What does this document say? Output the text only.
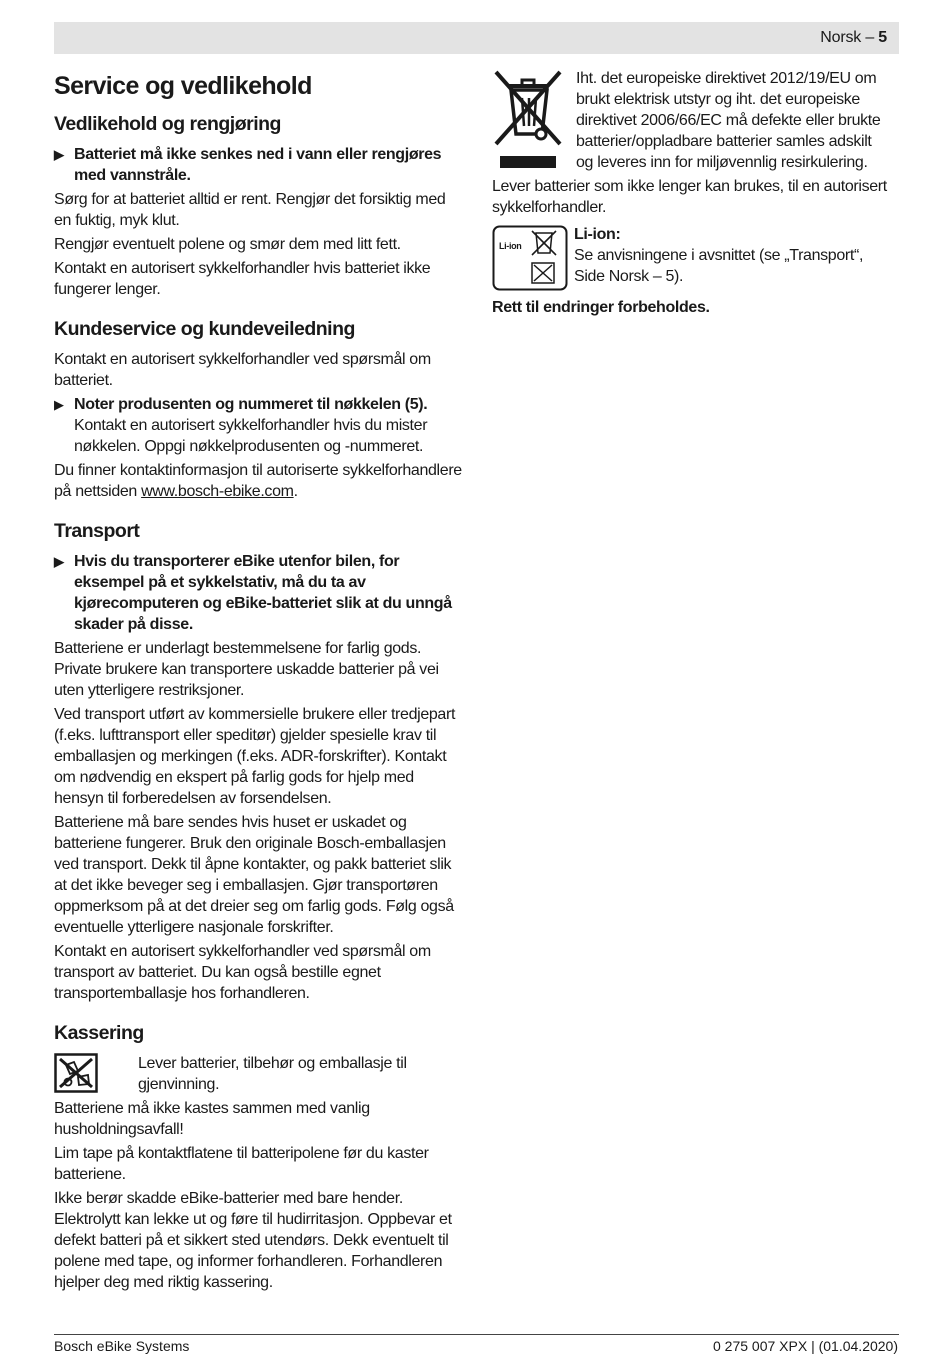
Norsk – 5
Service og vedlikehold
Vedlikehold og rengjøring
▶ Batteriet må ikke senkes ned i vann eller rengjøres med vannstråle.

Sørg for at batteriet alltid er rent. Rengjør det forsiktig med en fuktig, myk klut.

Rengjør eventuelt polene og smør dem med litt fett.

Kontakt en autorisert sykkelforhandler hvis batteriet ikke fungerer lenger.

Kundeservice og kundeveiledning

Kontakt en autorisert sykkelforhandler ved spørsmål om batteriet.

▶ Noter produsenten og nummeret til nøkkelen (5). Kontakt en autorisert sykkelforhandler hvis du mister nøkkelen. Oppgi nøkkelprodusenten og -nummeret.

Du finner kontaktinformasjon til autoriserte sykkelforhandlere på nettsiden www.bosch-ebike.com.

Transport
▶ Hvis du transporterer eBike utenfor bilen, for eksempel på et sykkelstativ, må du ta av kjørecomputeren og eBike-batteriet slik at du unngå skader på disse.

Batteriene er underlagt bestemmelsene for farlig gods. Private brukere kan transportere uskadde batterier på vei uten ytterligere restriksjoner.

Ved transport utført av kommersielle brukere eller tredjepart (f.eks. lufttransport eller speditør) gjelder spesielle krav til emballasjen og merkingen (f.eks. ADR-forskrifter). Kontakt om nødvendig en ekspert på farlig gods for hjelp med hensyn til forberedelsen av forsendelsen.

Batteriene må bare sendes hvis huset er uskadet og batteriene fungerer. Bruk den originale Bosch-emballasjen ved transport. Dekk til åpne kontakter, og pakk batteriet slik at det ikke beveger seg i emballasjen. Gjør transportøren oppmerksom på at det dreier seg om farlig gods. Følg også eventuelle ytterligere nasjonale forskrifter.

Kontakt en autorisert sykkelforhandler ved spørsmål om transport av batteriet. Du kan også bestille egnet transportemballasje hos forhandleren.

Kassering
Lever batterier, tilbehør og emballasje til gjenvinning.

Batteriene må ikke kastes sammen med vanlig husholdningsavfall!

Lim tape på kontaktflatene til batteripolene før du kaster batteriene.

Ikke berør skadde eBike-batterier med bare hender. Elektrolytt kan lekke ut og føre til hudirritasjon. Oppbevar et defekt batteri på et sikkert sted utendørs. Dekk eventuelt til polene med tape, og informer forhandleren. Forhandleren hjelper deg med riktig kassering.

Iht. det europeiske direktivet 2012/19/EU om brukt elektrisk utstyr og iht. det europeiske direktivet 2006/66/EC må defekte eller brukte batterier/oppladbare batterier samles adskilt og leveres inn for miljøvennlig resirkulering.

Lever batterier som ikke lenger kan brukes, til en autorisert sykkelforhandler.

Li-ion
Li-ion:
Se anvisningene i avsnittet (se „Transport“, Side Norsk – 5).

Rett til endringer forbeholdes.

Bosch eBike Systems	0 275 007 XPX | (01.04.2020)
